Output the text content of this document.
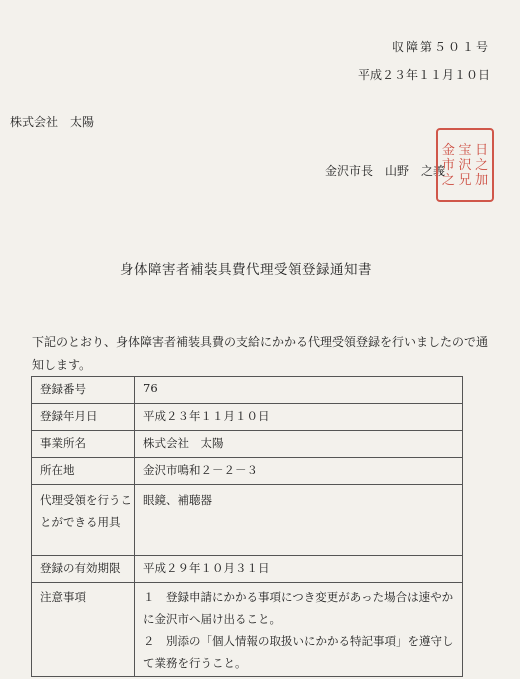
収障第５０１号
平成２３年１１月１０日
株式会社　太陽
金沢市長　山野　之義
日
之
加
宝
沢
兄
金
市
之
身体障害者補装具費代理受領登録通知書
下記のとおり、身体障害者補装具費の支給にかかる代理受領登録を行いましたので通
知します。
登録番号	76
登録年月日	平成２３年１１月１０日
事業所名	株式会社　太陽
所在地	金沢市鳴和２－２－３

代理受領を行うこ
とができる用具	眼鏡、補聴器
登録の有効期限	平成２９年１０月３１日
注意事項	１　登録申請にかかる事項につき変更があった場合は速やか
に金沢市へ届け出ること。
２　別添の「個人情報の取扱いにかかる特記事項」を遵守し
て業務を行うこと。
